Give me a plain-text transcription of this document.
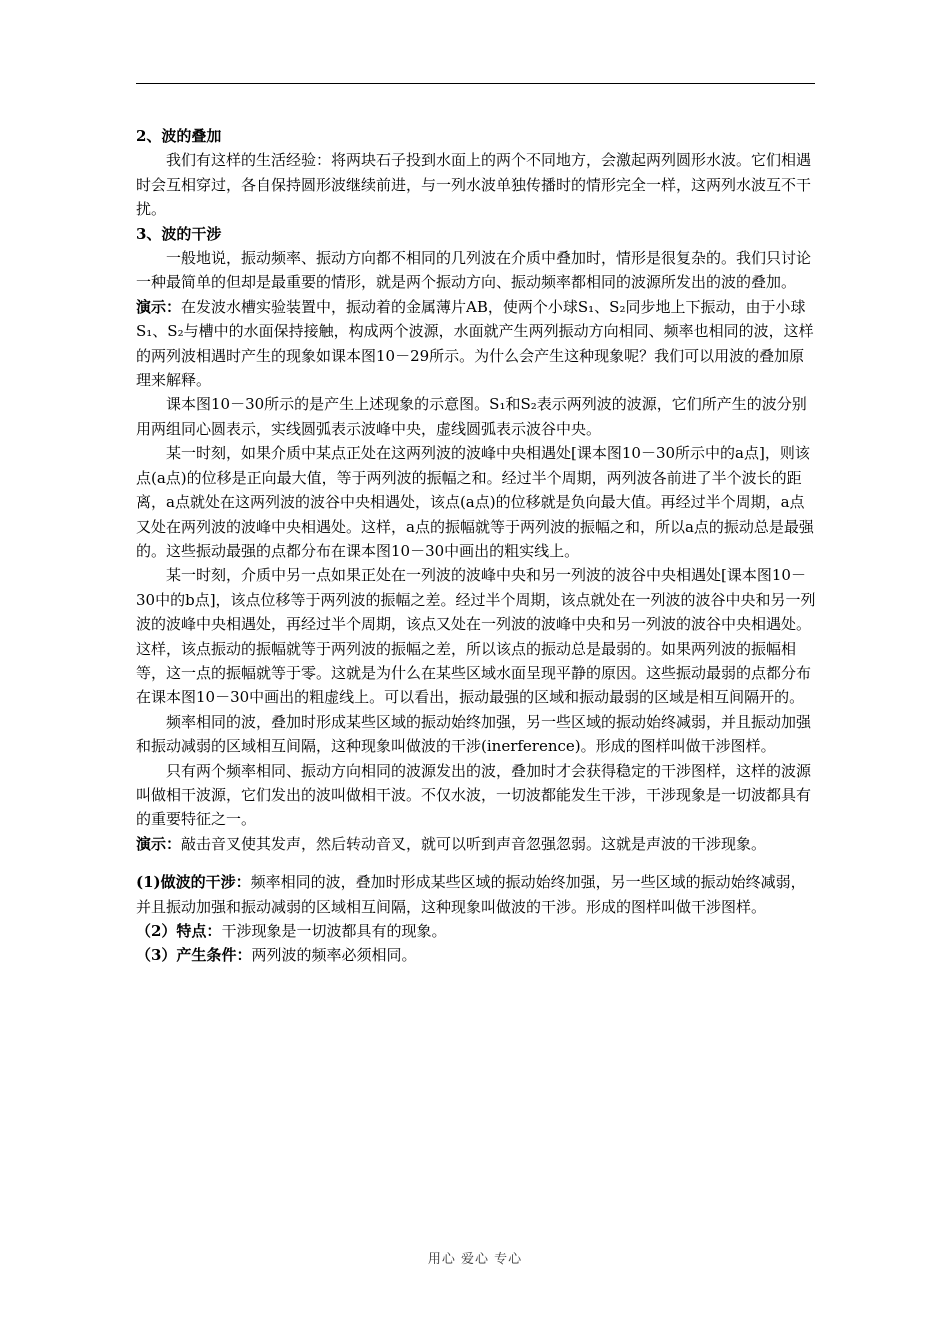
2、波的叠加

我们有这样的生活经验：将两块石子投到水面上的两个不同地方，会激起两列圆形水波。它们相遇时会互相穿过，各自保持圆形波继续前进，与一列水波单独传播时的情形完全一样，这两列水波互不干扰。

3、波的干涉

一般地说，振动频率、振动方向都不相同的几列波在介质中叠加时，情形是很复杂的。我们只讨论一种最简单的但却是最重要的情形，就是两个振动方向、振动频率都相同的波源所发出的波的叠加。

演示：在发波水槽实验装置中，振动着的金属薄片AB，使两个小球S₁、S₂同步地上下振动，由于小球S₁、S₂与槽中的水面保持接触，构成两个波源，水面就产生两列振动方向相同、频率也相同的波，这样的两列波相遇时产生的现象如课本图10－29所示。为什么会产生这种现象呢？我们可以用波的叠加原理来解释。

课本图10－30所示的是产生上述现象的示意图。S₁和S₂表示两列波的波源，它们所产生的波分别用两组同心圆表示，实线圆弧表示波峰中央，虚线圆弧表示波谷中央。

某一时刻，如果介质中某点正处在这两列波的波峰中央相遇处[课本图10－30所示中的a点]，则该点(a点)的位移是正向最大值，等于两列波的振幅之和。经过半个周期，两列波各前进了半个波长的距离，a点就处在这两列波的波谷中央相遇处，该点(a点)的位移就是负向最大值。再经过半个周期，a点又处在两列波的波峰中央相遇处。这样，a点的振幅就等于两列波的振幅之和，所以a点的振动总是最强的。这些振动最强的点都分布在课本图10－30中画出的粗实线上。

某一时刻，介质中另一点如果正处在一列波的波峰中央和另一列波的波谷中央相遇处[课本图10－30中的b点]，该点位移等于两列波的振幅之差。经过半个周期，该点就处在一列波的波谷中央和另一列波的波峰中央相遇处，再经过半个周期，该点又处在一列波的波峰中央和另一列波的波谷中央相遇处。这样，该点振动的振幅就等于两列波的振幅之差，所以该点的振动总是最弱的。如果两列波的振幅相等，这一点的振幅就等于零。这就是为什么在某些区域水面呈现平静的原因。这些振动最弱的点都分布在课本图10－30中画出的粗虚线上。可以看出，振动最强的区域和振动最弱的区域是相互间隔开的。

频率相同的波，叠加时形成某些区域的振动始终加强，另一些区域的振动始终减弱，并且振动加强和振动减弱的区域相互间隔，这种现象叫做波的干涉(inerference)。形成的图样叫做干涉图样。

只有两个频率相同、振动方向相同的波源发出的波，叠加时才会获得稳定的干涉图样，这样的波源叫做相干波源，它们发出的波叫做相干波。不仅水波，一切波都能发生干涉，干涉现象是一切波都具有的重要特征之一。

演示：敲击音叉使其发声，然后转动音叉，就可以听到声音忽强忽弱。这就是声波的干涉现象。

(1)做波的干涉：频率相同的波，叠加时形成某些区域的振动始终加强，另一些区域的振动始终减弱，并且振动加强和振动减弱的区域相互间隔，这种现象叫做波的干涉。形成的图样叫做干涉图样。

（2）特点：干涉现象是一切波都具有的现象。

（3）产生条件：两列波的频率必须相同。

用心 爱心 专心
